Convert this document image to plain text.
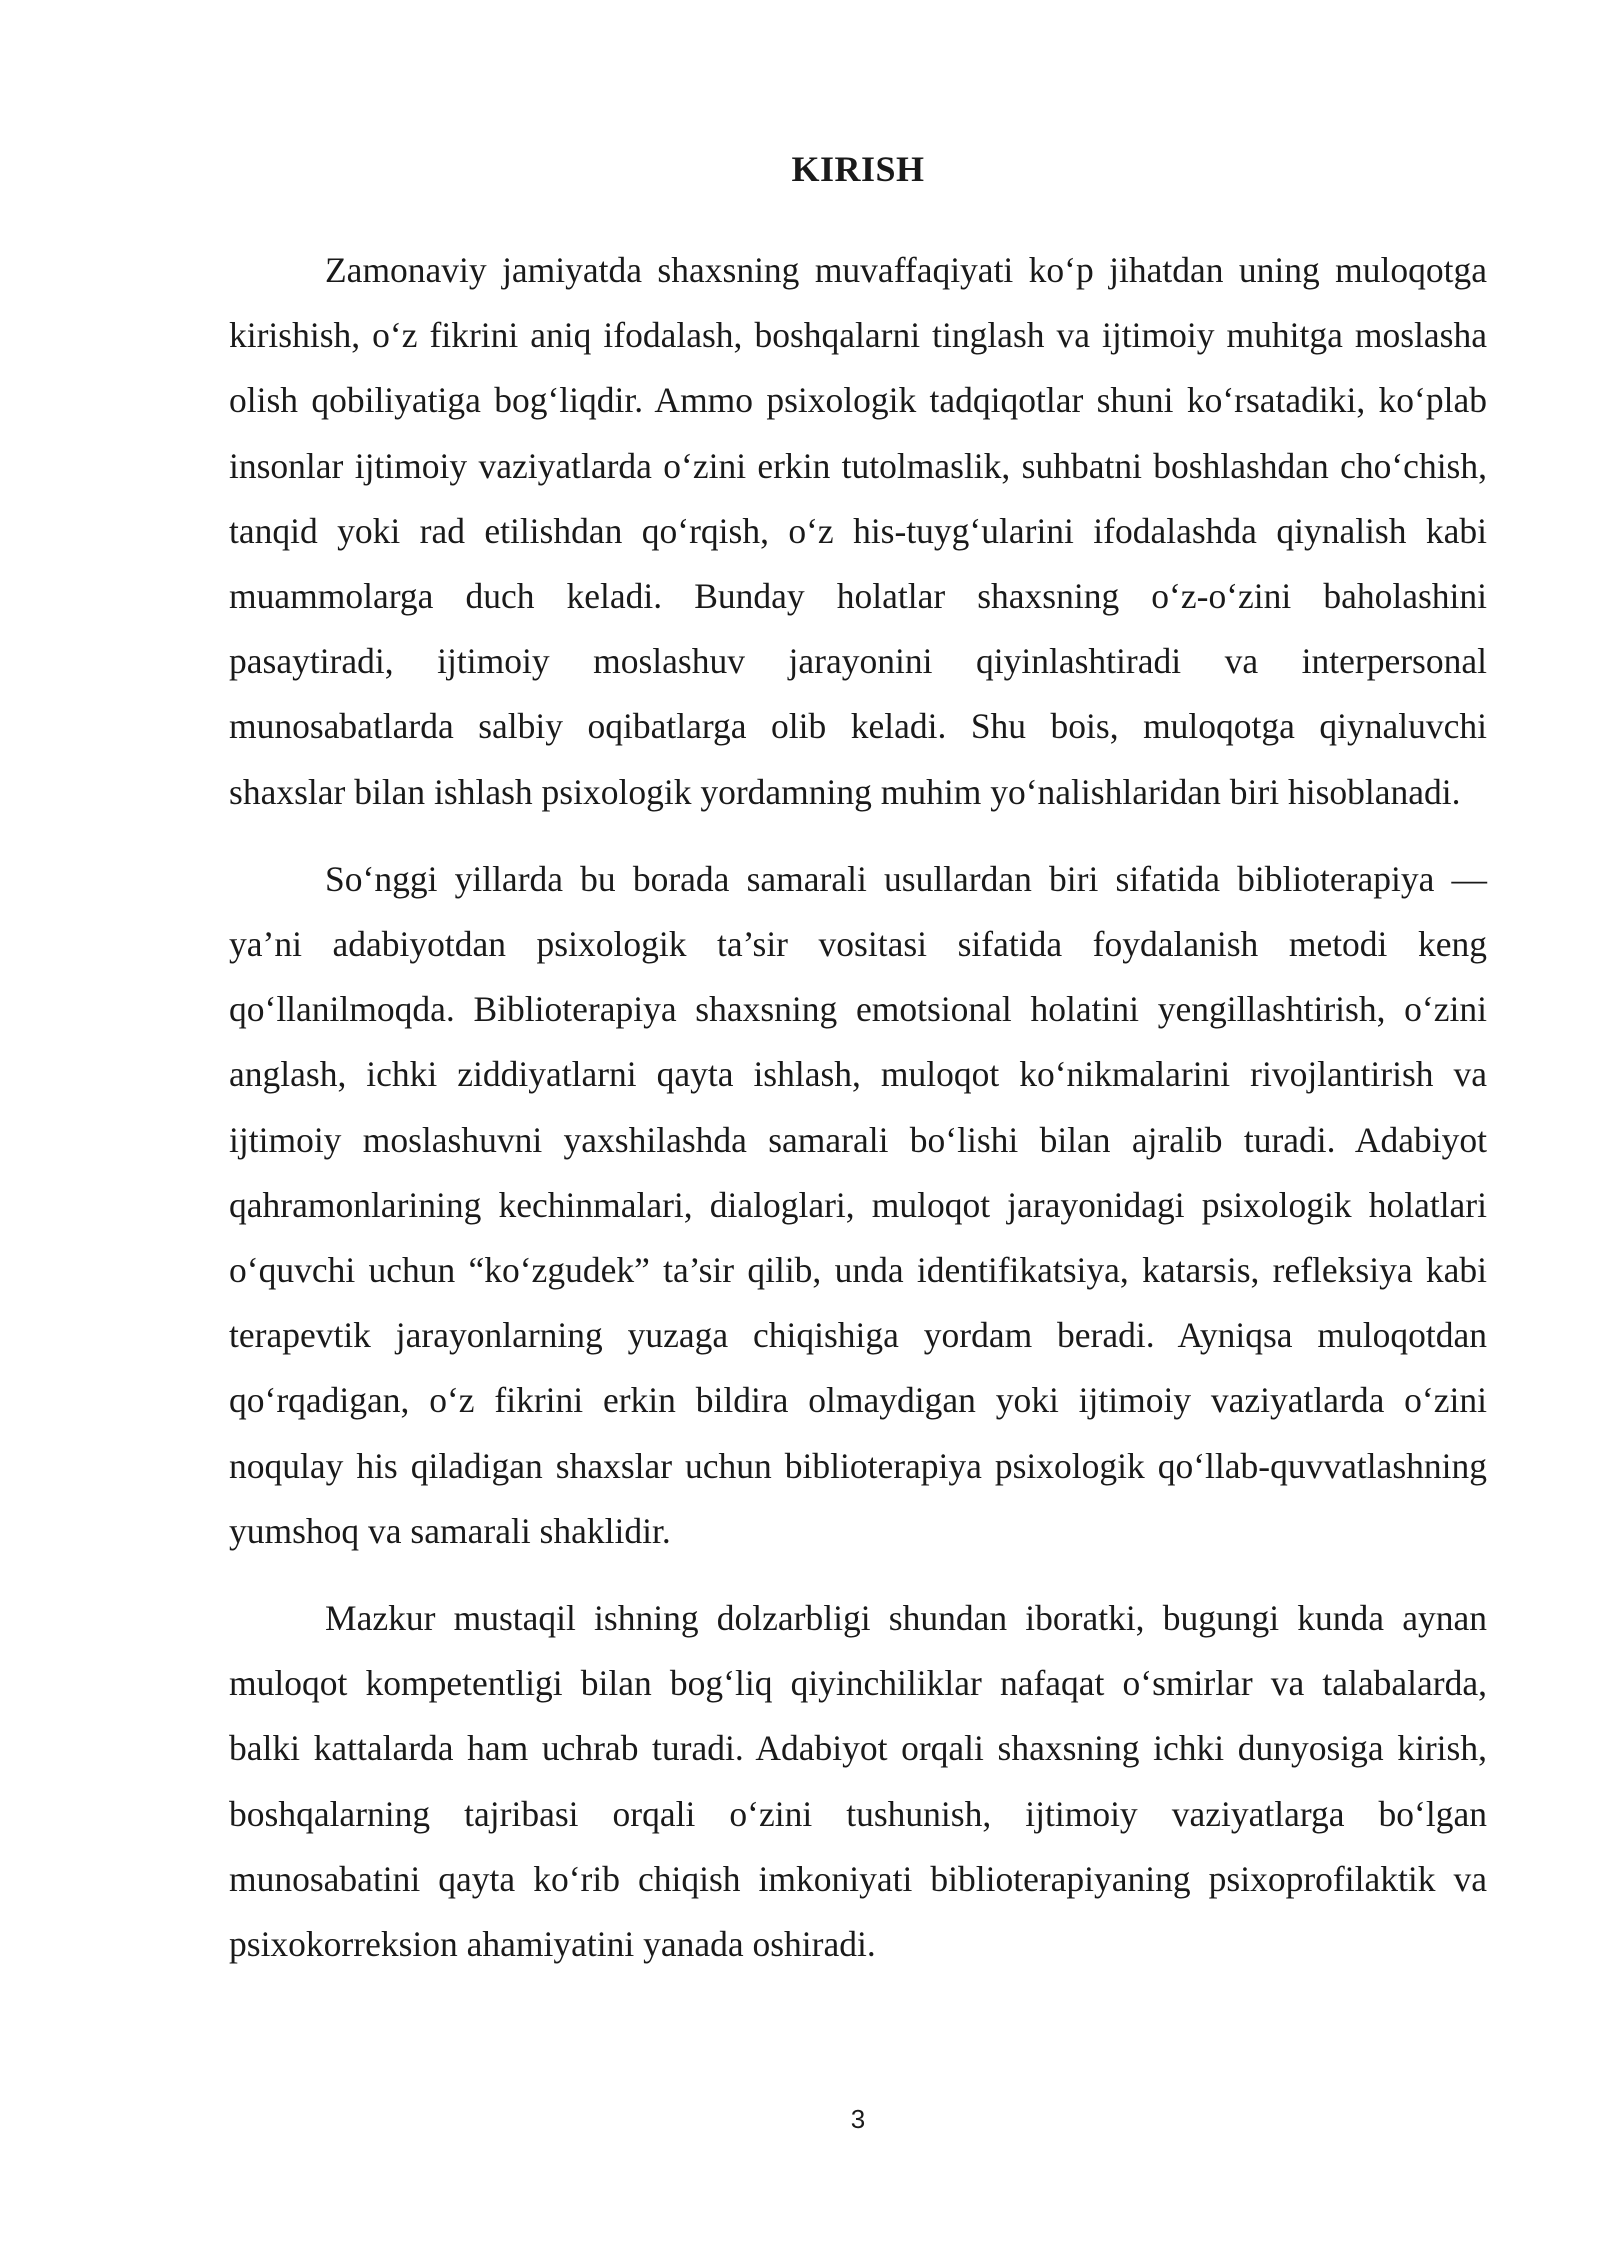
KIRISH

Zamonaviy jamiyatda shaxsning muvaffaqiyati koʻp jihatdan uning muloqotga kirishish, oʻz fikrini aniq ifodalash, boshqalarni tinglash va ijtimoiy muhitga moslasha olish qobiliyatiga bogʻliqdir. Ammo psixologik tadqiqotlar shuni koʻrsatadiki, koʻplab insonlar ijtimoiy vaziyatlarda oʻzini erkin tutolmaslik, suhbatni boshlashdan choʻchish, tanqid yoki rad etilishdan qoʻrqish, oʻz his-tuygʻularini ifodalashda qiynalish kabi muammolarga duch keladi. Bunday holatlar shaxsning oʻz-oʻzini baholashini pasaytiradi, ijtimoiy moslashuv jarayonini qiyinlashtiradi va interpersonal munosabatlarda salbiy oqibatlarga olib keladi. Shu bois, muloqotga qiynaluvchi shaxslar bilan ishlash psixologik yordamning muhim yoʻnalishlaridan biri hisoblanadi.

Soʻnggi yillarda bu borada samarali usullardan biri sifatida biblioterapiya — ya’ni adabiyotdan psixologik ta’sir vositasi sifatida foydalanish metodi keng qoʻllanilmoqda. Biblioterapiya shaxsning emotsional holatini yengillashtirish, oʻzini anglash, ichki ziddiyatlarni qayta ishlash, muloqot koʻnikmalarini rivojlantirish va ijtimoiy moslashuvni yaxshilashda samarali boʻlishi bilan ajralib turadi. Adabiyot qahramonlarining kechinmalari, dialoglari, muloqot jarayonidagi psixologik holatlari oʻquvchi uchun “koʻzgudek” ta’sir qilib, unda identifikatsiya, katarsis, refleksiya kabi terapevtik jarayonlarning yuzaga chiqishiga yordam beradi. Ayniqsa muloqotdan qoʻrqadigan, oʻz fikrini erkin bildira olmaydigan yoki ijtimoiy vaziyatlarda oʻzini noqulay his qiladigan shaxslar uchun biblioterapiya psixologik qoʻllab-quvvatlashning yumshoq va samarali shaklidir.

Mazkur mustaqil ishning dolzarbligi shundan iboratki, bugungi kunda aynan muloqot kompetentligi bilan bogʻliq qiyinchiliklar nafaqat oʻsmirlar va talabalarda, balki kattalarda ham uchrab turadi. Adabiyot orqali shaxsning ichki dunyosiga kirish, boshqalarning tajribasi orqali oʻzini tushunish, ijtimoiy vaziyatlarga boʻlgan munosabatini qayta koʻrib chiqish imkoniyati biblioterapiyaning psixoprofilaktik va psixokorreksion ahamiyatini yanada oshiradi.

3
